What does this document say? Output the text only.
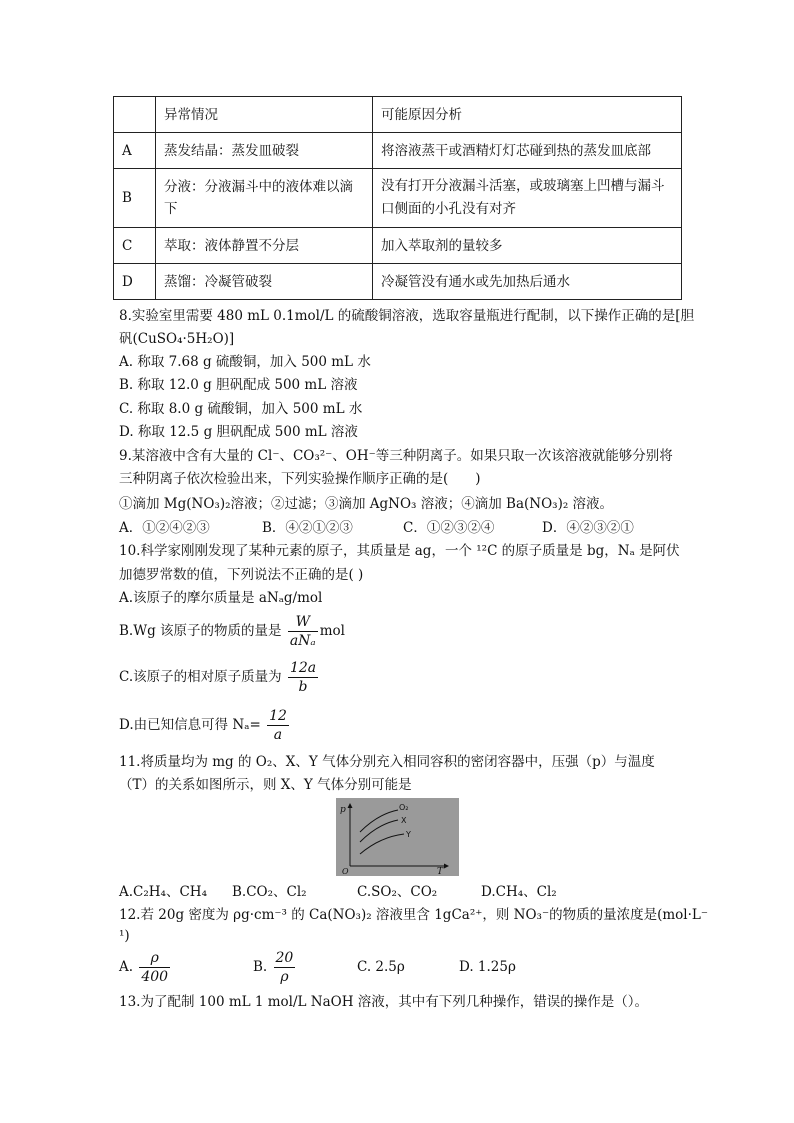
	异常情况	可能原因分析
A	蒸发结晶：蒸发皿破裂	将溶液蒸干或酒精灯灯芯碰到热的蒸发皿底部
B	分液：分液漏斗中的液体难以滴下	没有打开分液漏斗活塞，或玻璃塞上凹槽与漏斗口侧面的小孔没有对齐
C	萃取：液体静置不分层	加入萃取剂的量较多
D	蒸馏：冷凝管破裂	冷凝管没有通水或先加热后通水
8.实验室里需要 480 mL 0.1mol/L 的硫酸铜溶液，选取容量瓶进行配制，以下操作正确的是[胆
矾(CuSO₄·5H₂O)]
A. 称取 7.68 g 硫酸铜，加入 500 mL 水
B. 称取 12.0 g 胆矾配成 500 mL 溶液
C. 称取 8.0 g 硫酸铜，加入 500 mL 水
D. 称取 12.5 g 胆矾配成 500 mL 溶液
9.某溶液中含有大量的 Cl⁻、CO₃²⁻、OH⁻等三种阴离子。如果只取一次该溶液就能够分别将
三种阴离子依次检验出来，下列实验操作顺序正确的是(　　)
①滴加 Mg(NO₃)₂溶液；②过滤；③滴加 AgNO₃ 溶液；④滴加 Ba(NO₃)₂ 溶液。
A．①②④②③	B．④②①②③	C．①②③②④	D．④②③②①
10.科学家刚刚发现了某种元素的原子，其质量是 ag，一个 ¹²C 的原子质量是 bg，Nₐ 是阿伏
加德罗常数的值，下列说法不正确的是( )
A.该原子的摩尔质量是 aNₐg/mol
B.Wg 该原子的物质的量是 $\frac{W}{\text{aNₐ}}$ mol
C.该原子的相对原子质量为 $\frac{12a}{b}$
D.由已知信息可得 $N_a= \frac{12}{a}$
11.将质量均为 mg 的 O₂、X、Y 气体分别充入相同容积的密闭容器中，压强（p）与温度
（T）的关系如图所示，则 X、Y 气体分别可能是
p
T
O
O₂
X
Y
A.C₂H₄、CH₄ B.CO₂、Cl₂	C.SO₂、CO₂	D.CH₄、Cl₂
12.若 20g 密度为 ρg·cm⁻³ 的 Ca(NO₃)₂ 溶液里含 1gCa²⁺，则 NO₃⁻的物质的量浓度是(mol·L⁻
¹)
A. $\frac{\rho}{400}$	B. $\frac{20}{\rho}$	C. 2.5ρ	D. 1.25ρ
13.为了配制 100 mL 1 mol/L NaOH 溶液，其中有下列几种操作，错误的操作是（）。
